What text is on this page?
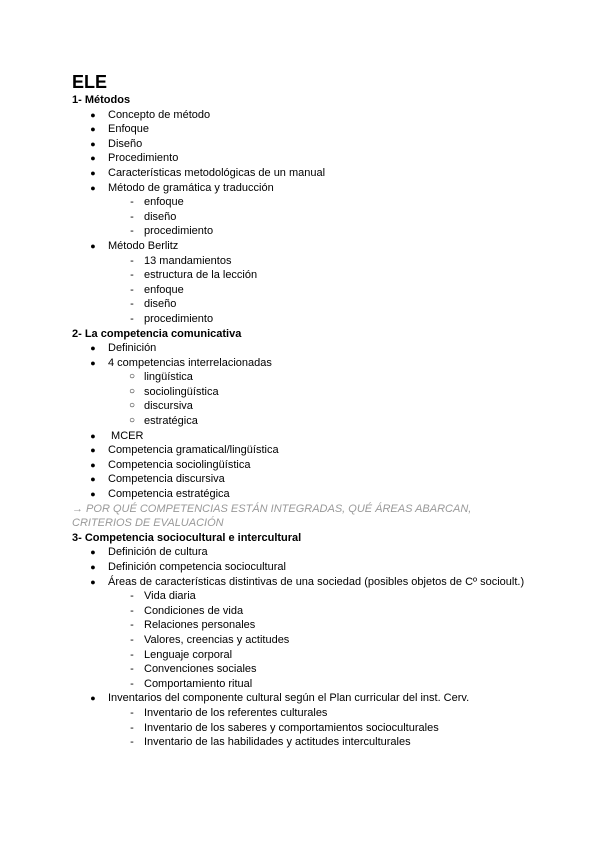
ELE
1- Métodos
● Concepto de método
● Enfoque
● Diseño
● Procedimiento
● Características metodológicas de un manual
● Método de gramática y traducción
- enfoque
- diseño
- procedimiento
● Método Berlitz
- 13 mandamientos
- estructura de la lección
- enfoque
- diseño
- procedimiento
2- La competencia comunicativa
● Definición
● 4 competencias interrelacionadas
○ lingüística
○ sociolingüística
○ discursiva
○ estratégica
● MCER
● Competencia gramatical/lingüística
● Competencia sociolingüística
● Competencia discursiva
● Competencia estratégica
→ POR QUÉ COMPETENCIAS ESTÁN INTEGRADAS, QUÉ ÁREAS ABARCAN, CRITERIOS DE EVALUACIÓN
3- Competencia sociocultural e intercultural
● Definición de cultura
● Definición competencia sociocultural
● Áreas de características distintivas de una sociedad (posibles objetos de Cº socioult.)
- Vida diaria
- Condiciones de vida
- Relaciones personales
- Valores, creencias y actitudes
- Lenguaje corporal
- Convenciones sociales
- Comportamiento ritual
● Inventarios del componente cultural según el Plan curricular del inst. Cerv.
- Inventario de los referentes culturales
- Inventario de los saberes y comportamientos socioculturales
- Inventario de las habilidades y actitudes interculturales
